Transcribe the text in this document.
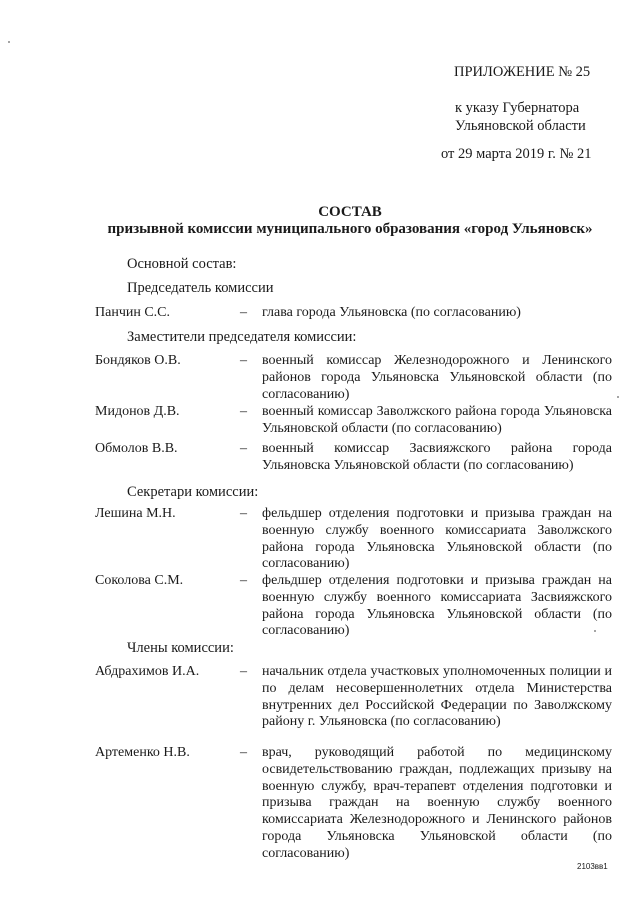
ПРИЛОЖЕНИЕ № 25
к указу Губернатора
Ульяновской области
от 29 марта 2019 г. № 21
СОСТАВ
призывной комиссии муниципального образования «город Ульяновск»
Основной состав:
Председатель комиссии
Панчин С.С.	– глава города Ульяновска (по согласованию)
Заместители председателя комиссии:
Бондяков О.В.	– военный комиссар Железнодорожного и Ленинского районов города Ульяновска Ульяновской области (по согласованию)
Мидонов Д.В.	– военный комиссар Заволжского района города Ульяновска Ульяновской области (по согласованию)
Обмолов В.В.	– военный комиссар Засвияжского района города Ульяновска Ульяновской области (по согласованию)
Секретари комиссии:
Лешина М.Н.	– фельдшер отделения подготовки и призыва граждан на военную службу военного комиссариата Заволжского района города Ульяновска Ульяновской области (по согласованию)
Соколова С.М.	– фельдшер отделения подготовки и призыва граждан на военную службу военного комиссариата Засвияжского района города Ульяновска Ульяновской области (по согласованию)
Члены комиссии:
Абдрахимов И.А.	– начальник отдела участковых уполномоченных полиции и по делам несовершеннолетних отдела Министерства внутренних дел Российской Федерации по Заволжскому району г. Ульяновска (по согласованию)
Артеменко Н.В.	– врач, руководящий работой по медицинскому освидетельствованию граждан, подлежащих призыву на военную службу, врач-терапевт отделения подготовки и призыва граждан на военную службу военного комиссариата Железнодорожного и Ленинского районов города Ульяновска Ульяновской области (по согласованию)
2103вв1
